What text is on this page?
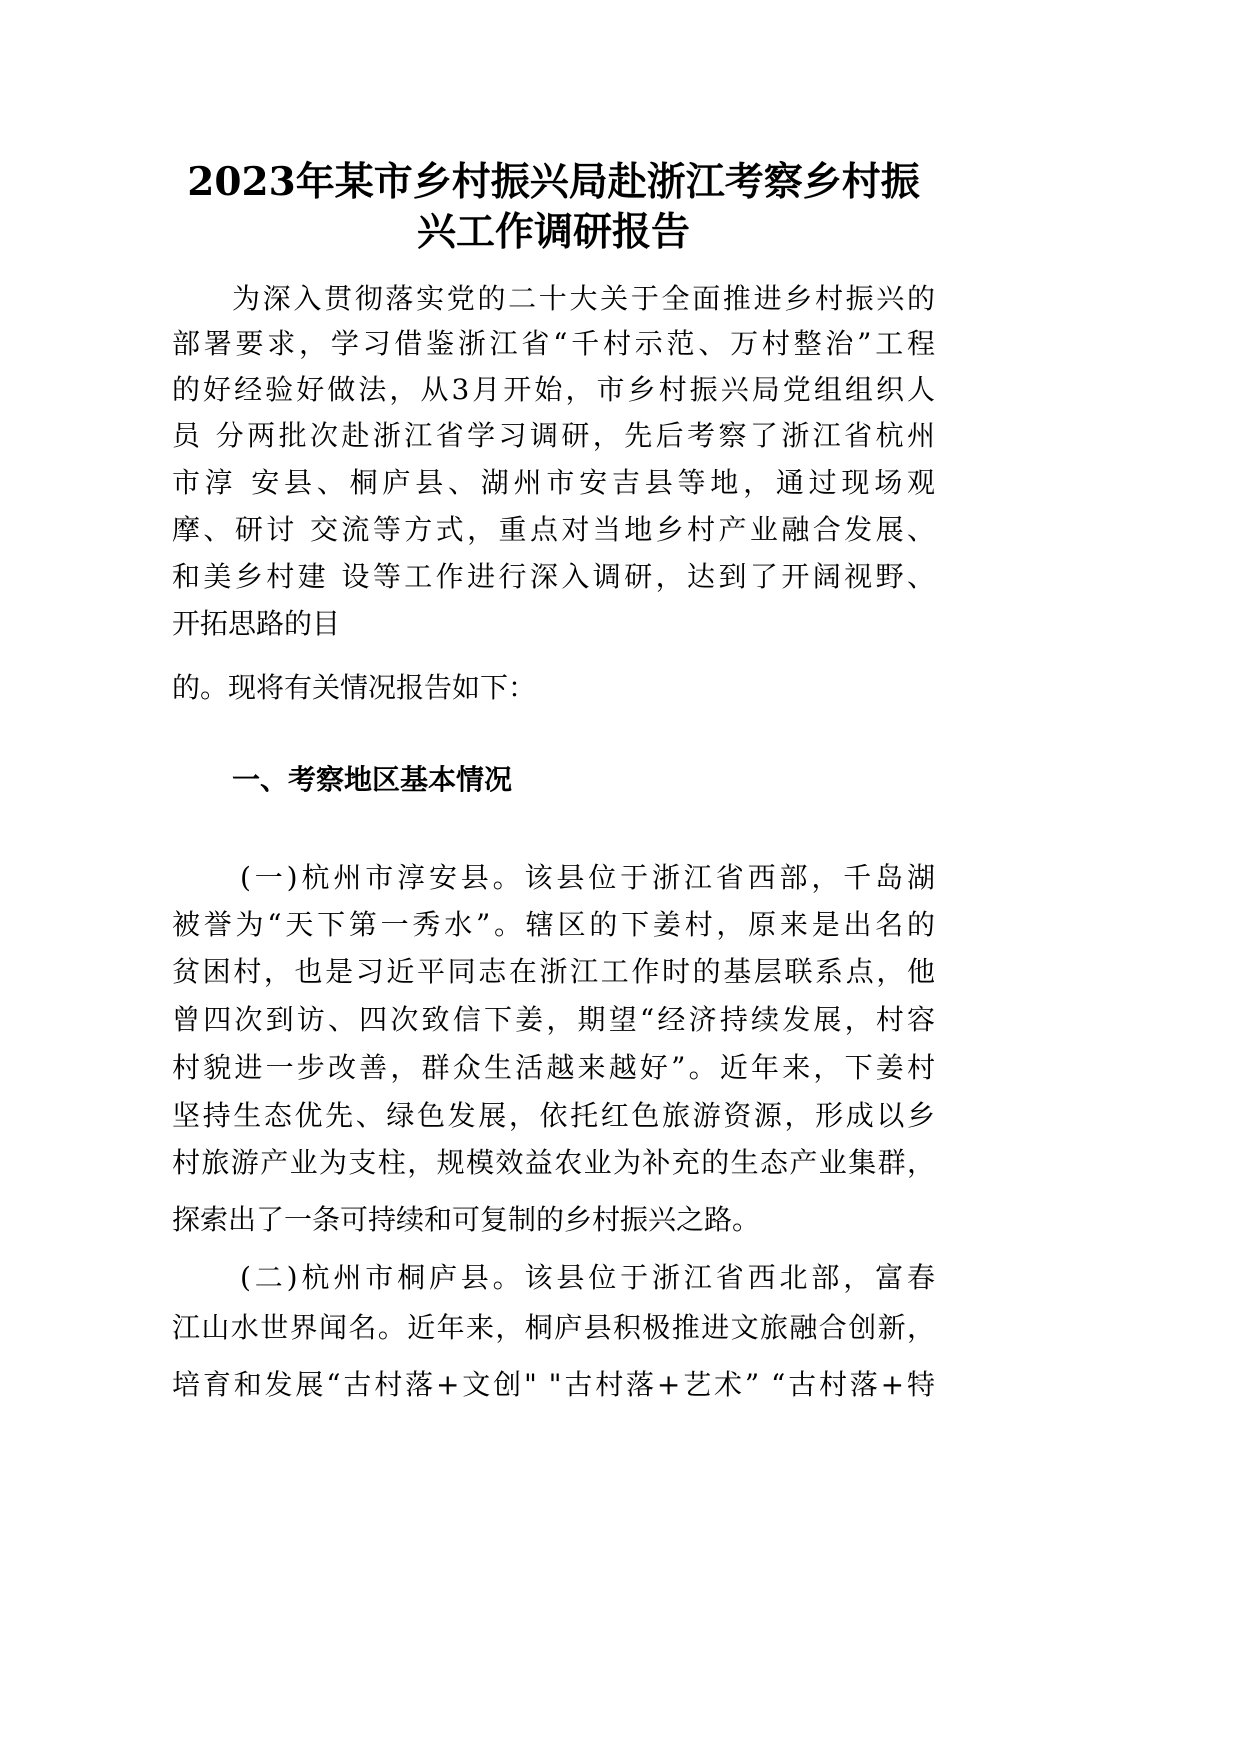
2023年某市乡村振兴局赴浙江考察乡村振
兴工作调研报告
为深入贯彻落实党的二十大关于全面推进乡村振兴的
部署要求，学习借鉴浙江省“千村示范、万村整治”工程
的好经验好做法，从3月开始，市乡村振兴局党组组织人
员 分两批次赴浙江省学习调研，先后考察了浙江省杭州
市淳 安县、桐庐县、湖州市安吉县等地，通过现场观
摩、研讨 交流等方式，重点对当地乡村产业融合发展、
和美乡村建 设等工作进行深入调研，达到了开阔视野、
开拓思路的目
的。现将有关情况报告如下：
一、考察地区基本情况
(一)杭州市淳安县。该县位于浙江省西部，千岛湖
被誉为“天下第一秀水”。辖区的下姜村，原来是出名的
贫困村，也是习近平同志在浙江工作时的基层联系点，他
曾四次到访、四次致信下姜，期望“经济持续发展，村容
村貌进一步改善，群众生活越来越好”。近年来，下姜村
坚持生态优先、绿色发展，依托红色旅游资源，形成以乡
村旅游产业为支柱，规模效益农业为补充的生态产业集群，
探索出了一条可持续和可复制的乡村振兴之路。
(二)杭州市桐庐县。该县位于浙江省西北部，富春
江山水世界闻名。近年来，桐庐县积极推进文旅融合创新，
培育和发展“古村落+文创" "古村落+艺术” “古村落+特
